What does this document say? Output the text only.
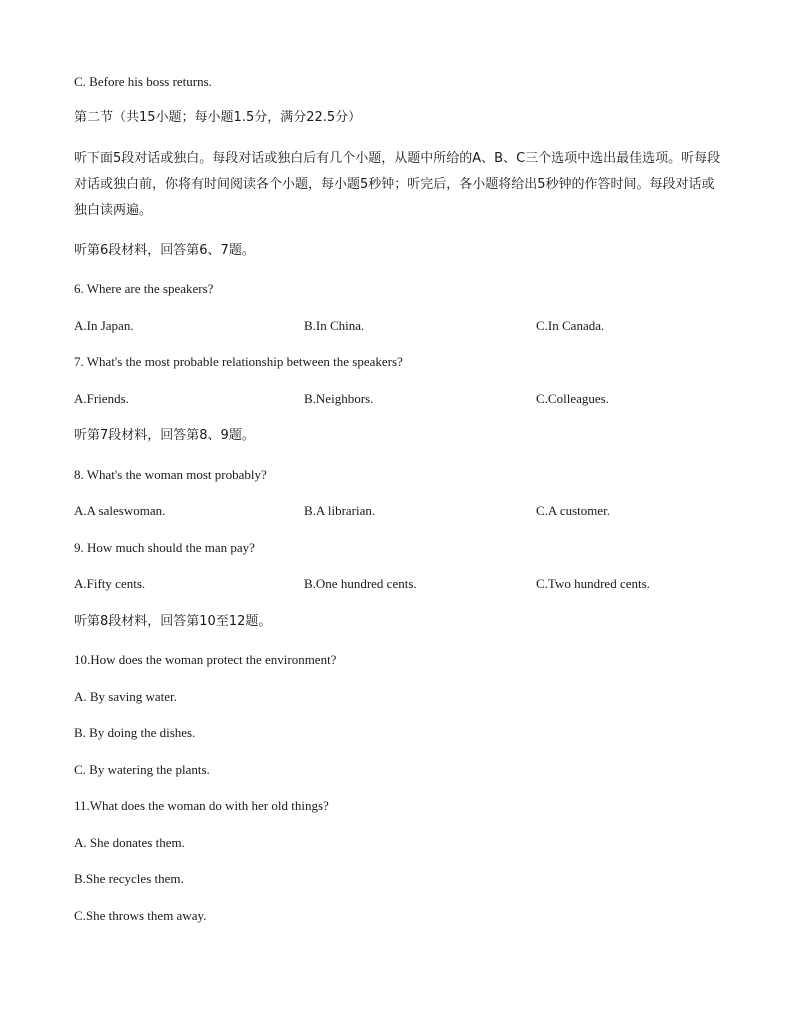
C. Before his boss returns.
第二节（共15小题；每小题1.5分，满分22.5分）
听下面5段对话或独白。每段对话或独白后有几个小题，从题中所给的A、B、C三个选项中选出最佳选项。听每段对话或独白前，你将有时间阅读各个小题，每小题5秒钟；听完后，各小题将给出5秒钟的作答时间。每段对话或独白读两遍。
听第6段材料，回答第6、7题。
6. Where are the speakers?
A.In Japan.	B.In China.	C.In Canada.
7. What's the most probable relationship between the speakers?
A.Friends.	B.Neighbors.	C.Colleagues.
听第7段材料，回答第8、9题。
8. What's the woman most probably?
A.A saleswoman.	B.A librarian.	C.A customer.
9. How much should the man pay?
A.Fifty cents.	B.One hundred cents.	C.Two hundred cents.
听第8段材料，回答第10至12题。
10.How does the woman protect the environment?
A. By saving water.
B. By doing the dishes.
C. By watering the plants.
11.What does the woman do with her old things?
A. She donates them.
B.She recycles them.
C.She throws them away.
